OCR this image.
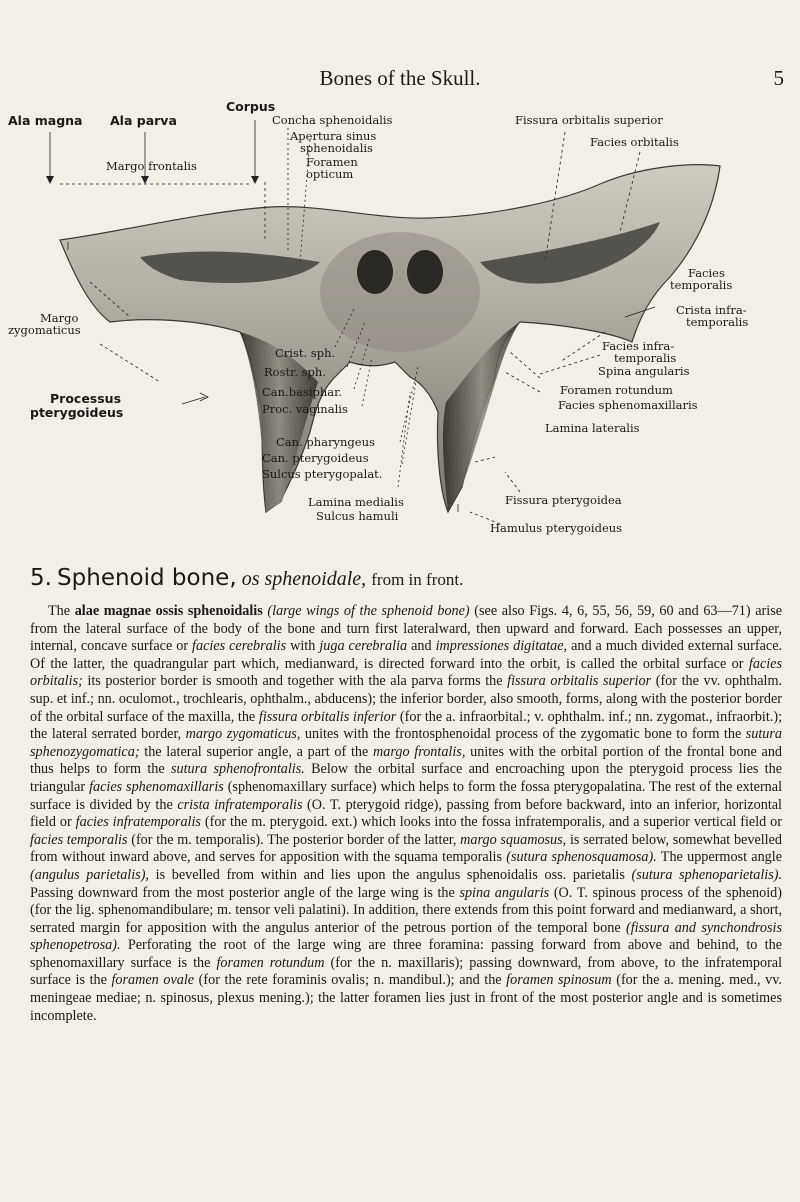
Bones of the Skull.	5
Ala magna Ala parva
Corpus
Concha sphenoidalis	Fissura orbitalis superior
Apertura sinus
sphenoidalis	Facies orbitalis
Foramen
opticum
Margo frontalis
Facies
temporalis
Margo
zygomaticus
Crista infra-
temporalis
Facies infra-
temporalis
Spina angularis
Crist. sph.
Rostr. sph.
Can.basiphar.
Proc. vaginalis
Foramen rotundum
Facies sphenomaxillaris
Processus
pterygoideus
Lamina lateralis
Can. pharyngeus
Can. pterygoideus
Sulcus pterygopalat.
Lamina medialis
Sulcus hamuli
Fissura pterygoidea
Hamulus pterygoideus
5. Sphenoid bone, os sphenoidale, from in front.
The alae magnae ossis sphenoidalis (large wings of the sphenoid bone) (see also Figs. 4, 6, 55, 56, 59, 60 and 63—71) arise from the lateral surface of the body of the bone and turn first lateralward, then upward and forward. Each possesses an upper, internal, concave surface or facies cerebralis with juga cerebralia and impressiones digitatae, and a much divided external surface. Of the latter, the quadrangular part which, medianward, is directed forward into the orbit, is called the orbital surface or facies orbitalis; its posterior border is smooth and together with the ala parva forms the fissura orbitalis superior (for the vv. ophthalm. sup. et inf.; nn. oculomot., trochlearis, ophthalm., abducens); the inferior border, also smooth, forms, along with the posterior border of the orbital surface of the maxilla, the fissura orbitalis inferior (for the a. infraorbital.; v. ophthalm. inf.; nn. zygomat., infraorbit.); the lateral serrated border, margo zygomaticus, unites with the frontosphenoidal process of the zygomatic bone to form the sutura sphenozygomatica; the lateral superior angle, a part of the margo frontalis, unites with the orbital portion of the frontal bone and thus helps to form the sutura sphenofrontalis. Below the orbital surface and encroaching upon the pterygoid process lies the triangular facies sphenomaxillaris (sphenomaxillary surface) which helps to form the fossa pterygopalatina. The rest of the external surface is divided by the crista infratemporalis (O. T. pterygoid ridge), passing from before backward, into an inferior, horizontal field or facies infratemporalis (for the m. pterygoid. ext.) which looks into the fossa infratemporalis, and a superior vertical field or facies temporalis (for the m. temporalis). The posterior border of the latter, margo squamosus, is serrated below, somewhat bevelled from without inward above, and serves for apposition with the squama temporalis (sutura sphenosquamosa). The uppermost angle (angulus parietalis), is bevelled from within and lies upon the angulus sphenoidalis oss. parietalis (sutura sphenoparietalis). Passing downward from the most posterior angle of the large wing is the spina angularis (O. T. spinous process of the sphenoid) (for the lig. sphenomandibulare; m. tensor veli palatini). In addition, there extends from this point forward and medianward, a short, serrated margin for apposition with the angulus anterior of the petrous portion of the temporal bone (fissura and synchondrosis sphenopetrosa). Perforating the root of the large wing are three foramina: passing forward from above and behind, to the sphenomaxillary surface is the foramen rotundum (for the n. maxillaris); passing downward, from above, to the infratemporal surface is the foramen ovale (for the rete foraminis ovalis; n. mandibul.); and the foramen spinosum (for the a. mening. med., vv. meningeae mediae; n. spinosus, plexus mening.); the latter foramen lies just in front of the most posterior angle and is sometimes incomplete.
